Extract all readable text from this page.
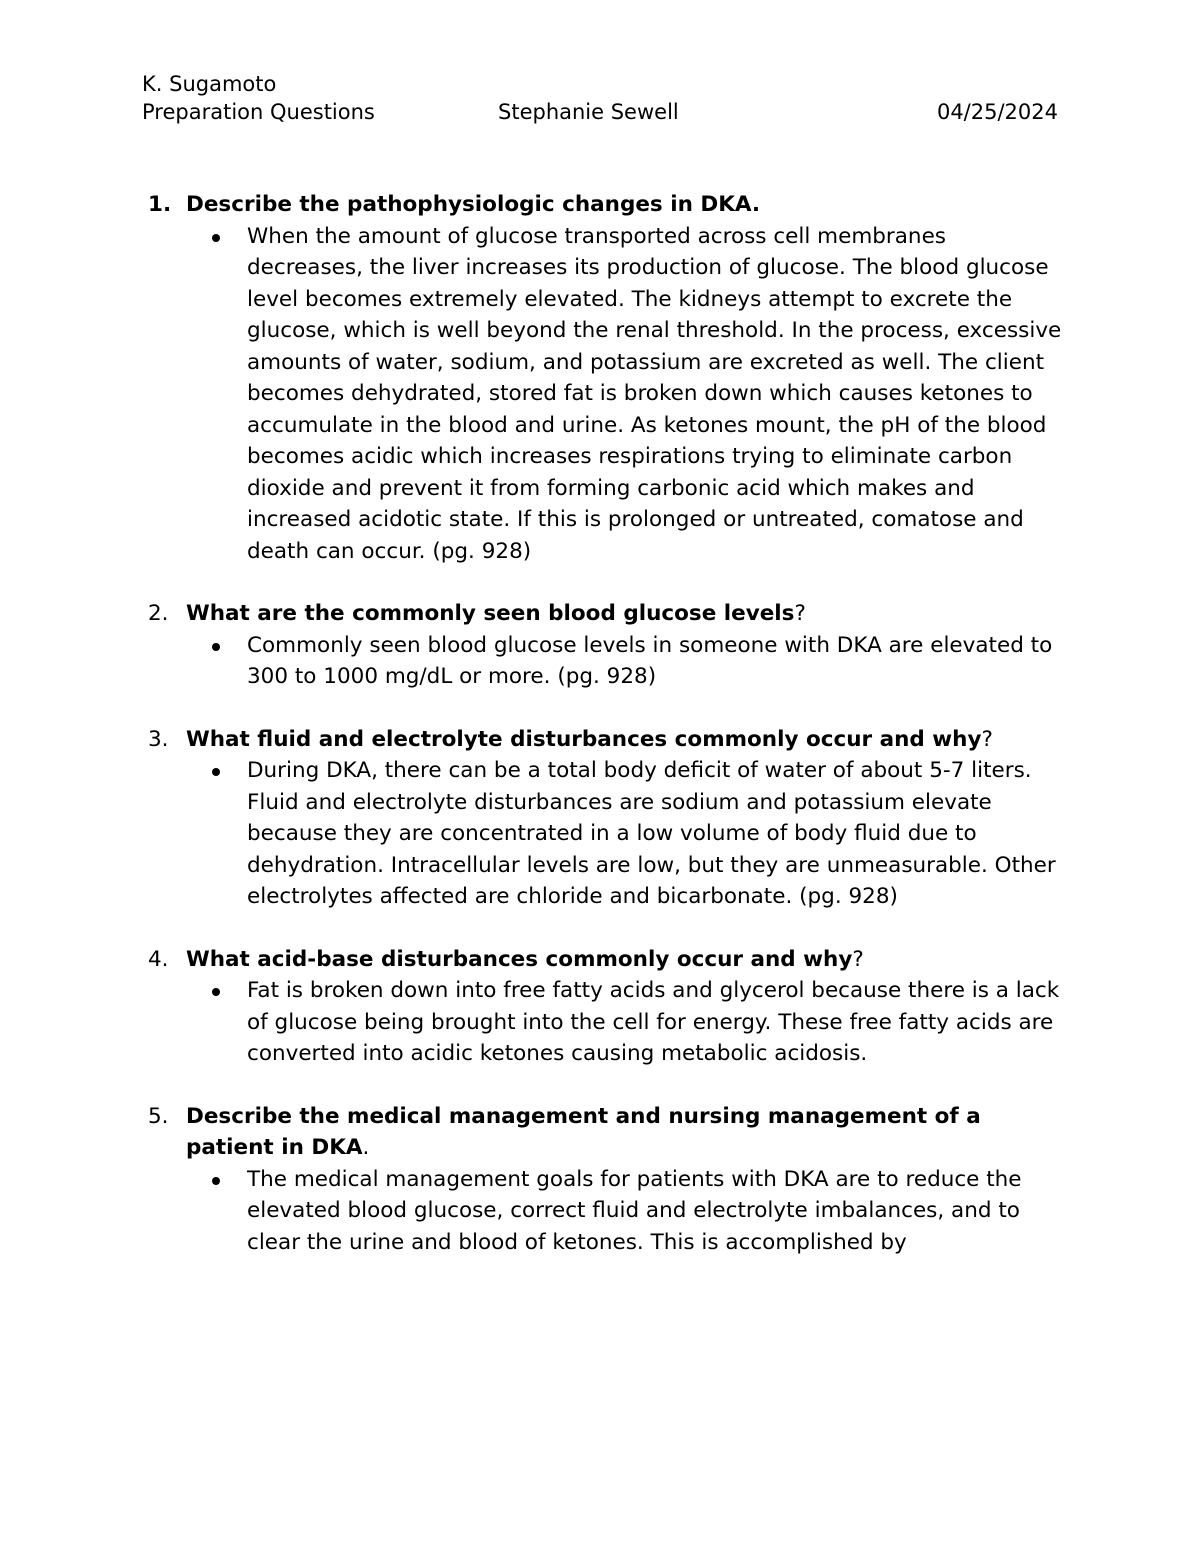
K. Sugamoto
Preparation Questions	Stephanie Sewell	04/25/2024
1. Describe the pathophysiologic changes in DKA.
When the amount of glucose transported across cell membranes decreases, the liver increases its production of glucose. The blood glucose level becomes extremely elevated. The kidneys attempt to excrete the glucose, which is well beyond the renal threshold. In the process, excessive amounts of water, sodium, and potassium are excreted as well. The client becomes dehydrated, stored fat is broken down which causes ketones to accumulate in the blood and urine. As ketones mount, the pH of the blood becomes acidic which increases respirations trying to eliminate carbon dioxide and prevent it from forming carbonic acid which makes and increased acidotic state. If this is prolonged or untreated, comatose and death can occur. (pg. 928)
2. What are the commonly seen blood glucose levels?
Commonly seen blood glucose levels in someone with DKA are elevated to 300 to 1000 mg/dL or more. (pg. 928)
3. What fluid and electrolyte disturbances commonly occur and why?
During DKA, there can be a total body deficit of water of about 5-7 liters. Fluid and electrolyte disturbances are sodium and potassium elevate because they are concentrated in a low volume of body fluid due to dehydration. Intracellular levels are low, but they are unmeasurable. Other electrolytes affected are chloride and bicarbonate. (pg. 928)
4. What acid-base disturbances commonly occur and why?
Fat is broken down into free fatty acids and glycerol because there is a lack of glucose being brought into the cell for energy. These free fatty acids are converted into acidic ketones causing metabolic acidosis.
5. Describe the medical management and nursing management of a patient in DKA.
The medical management goals for patients with DKA are to reduce the elevated blood glucose, correct fluid and electrolyte imbalances, and to clear the urine and blood of ketones. This is accomplished by
